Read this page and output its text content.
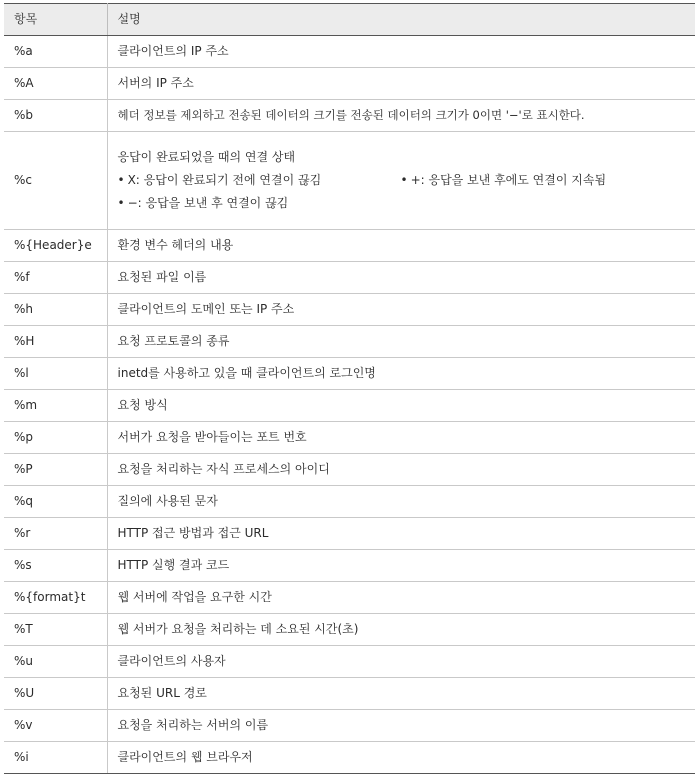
항목	설명
%a	클라이언트의 IP 주소
%A	서버의 IP 주소
%b	헤더 정보를 제외하고 전송된 데이터의 크기를 전송된 데이터의 크기가 0이면 '−'로 표시한다.
%c	응답이 완료되었을 때의 연결 상태
• X: 응답이 완료되기 전에 연결이 끊김 • +: 응답을 보낸 후에도 연결이 지속됨
• −: 응답을 보낸 후 연결이 끊김

%{Header}e	환경 변수 헤더의 내용
%f	요청된 파일 이름
%h	클라이언트의 도메인 또는 IP 주소
%H	요청 프로토콜의 종류
%l	inetd를 사용하고 있을 때 클라이언트의 로그인명
%m	요청 방식
%p	서버가 요청을 받아들이는 포트 번호
%P	요청을 처리하는 자식 프로세스의 아이디
%q	질의에 사용된 문자
%r	HTTP 접근 방법과 접근 URL
%s	HTTP 실행 결과 코드
%{format}t	웹 서버에 작업을 요구한 시간
%T	웹 서버가 요청을 처리하는 데 소요된 시간(초)
%u	클라이언트의 사용자
%U	요청된 URL 경로
%v	요청을 처리하는 서버의 이름
%i	클라이언트의 웹 브라우저
